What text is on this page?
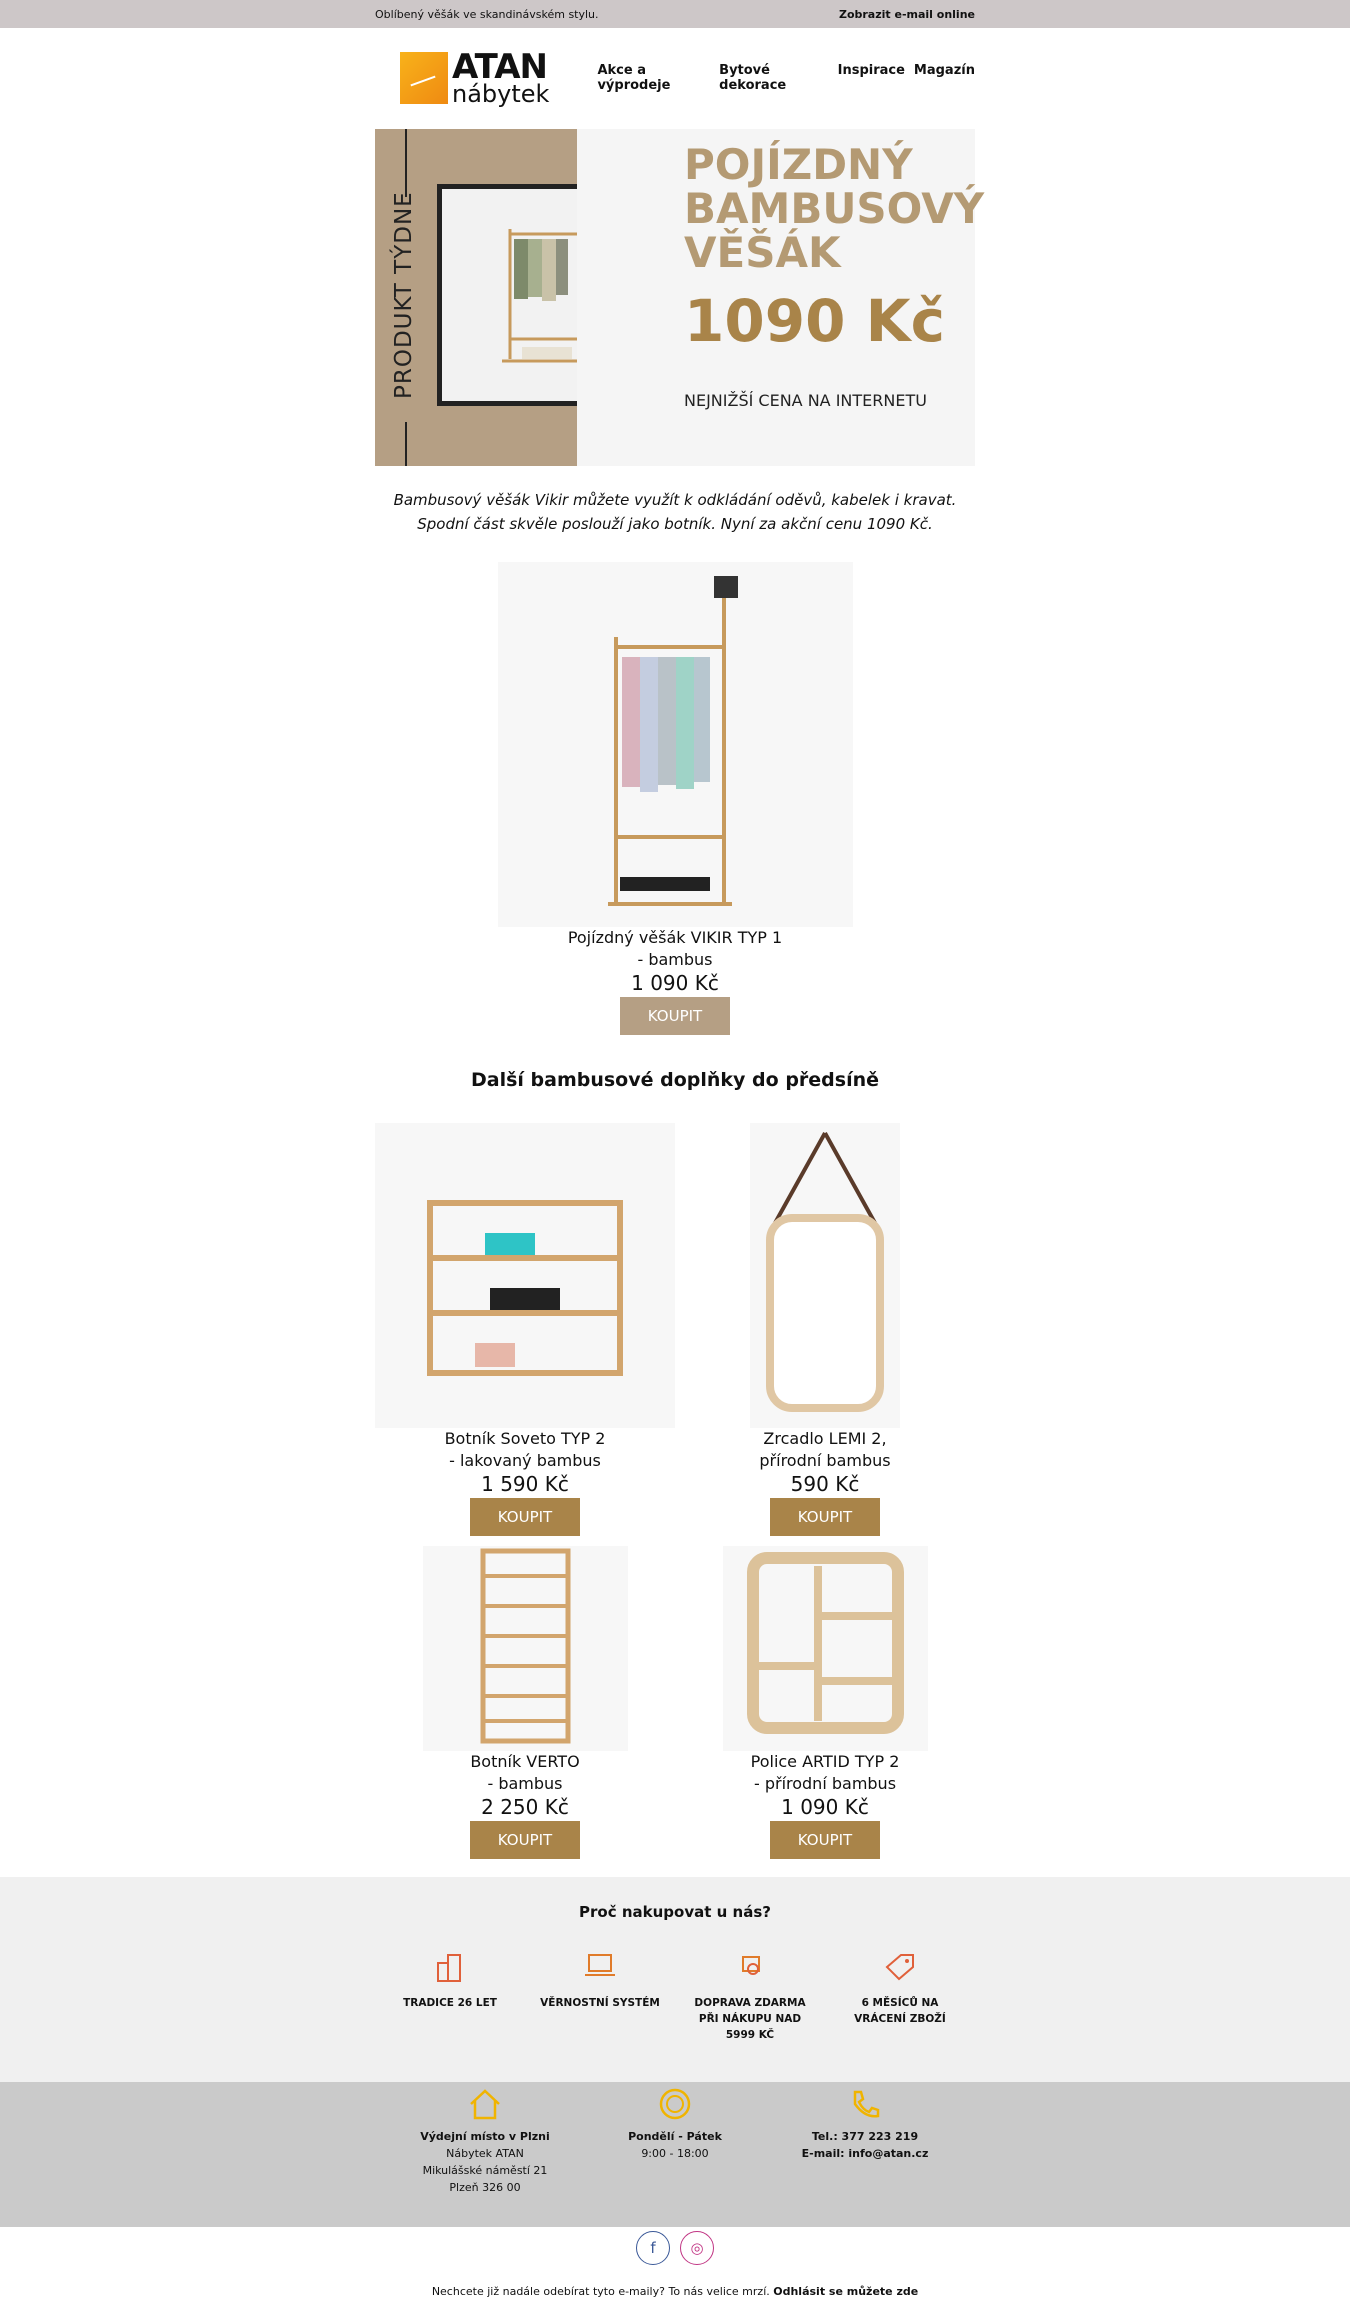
Oblíbený věšák ve skandinávském stylu.	Zobrazit e-mail online
ATAN
nábytek
Akce a výprodeje
Bytové dekorace
Inspirace Magazín
PRODUKT TÝDNE
POJÍZDNÝ
BAMBUSOVÝ
VĚŠÁK
1090 Kč
NEJNIŽŠÍ CENA NA INTERNETU
Bambusový věšák Vikir můžete využít k odkládání oděvů, kabelek i kravat.
Spodní část skvěle poslouží jako botník. Nyní za akční cenu 1090 Kč.
Pojízdný věšák VIKIR TYP 1
- bambus
1 090 Kč
KOUPIT
Další bambusové doplňky do předsíně
Botník Soveto TYP 2
- lakovaný bambus
1 590 Kč
KOUPIT
Zrcadlo LEMI 2,
přírodní bambus
590 Kč
KOUPIT
Botník VERTO
- bambus
2 250 Kč
KOUPIT
Police ARTID TYP 2
- přírodní bambus
1 090 Kč
KOUPIT
Proč nakupovat u nás?
TRADICE 26 LET	VĚRNOSTNÍ SYSTÉM	DOPRAVA ZDARMA
PŘI NÁKUPU NAD
5999 KČ
6 MĚSÍCŮ NA
VRÁCENÍ ZBOŽÍ
Výdejní místo v Plzni
Nábytek ATAN
Mikulášské náměstí 21
Plzeň 326 00
Pondělí - Pátek
9:00 - 18:00
Tel.: 377 223 219
E-mail: info@atan.cz
f	◎
Nechcete již nadále odebírat tyto e-maily? To nás velice mrzí. Odhlásit se můžete zde
